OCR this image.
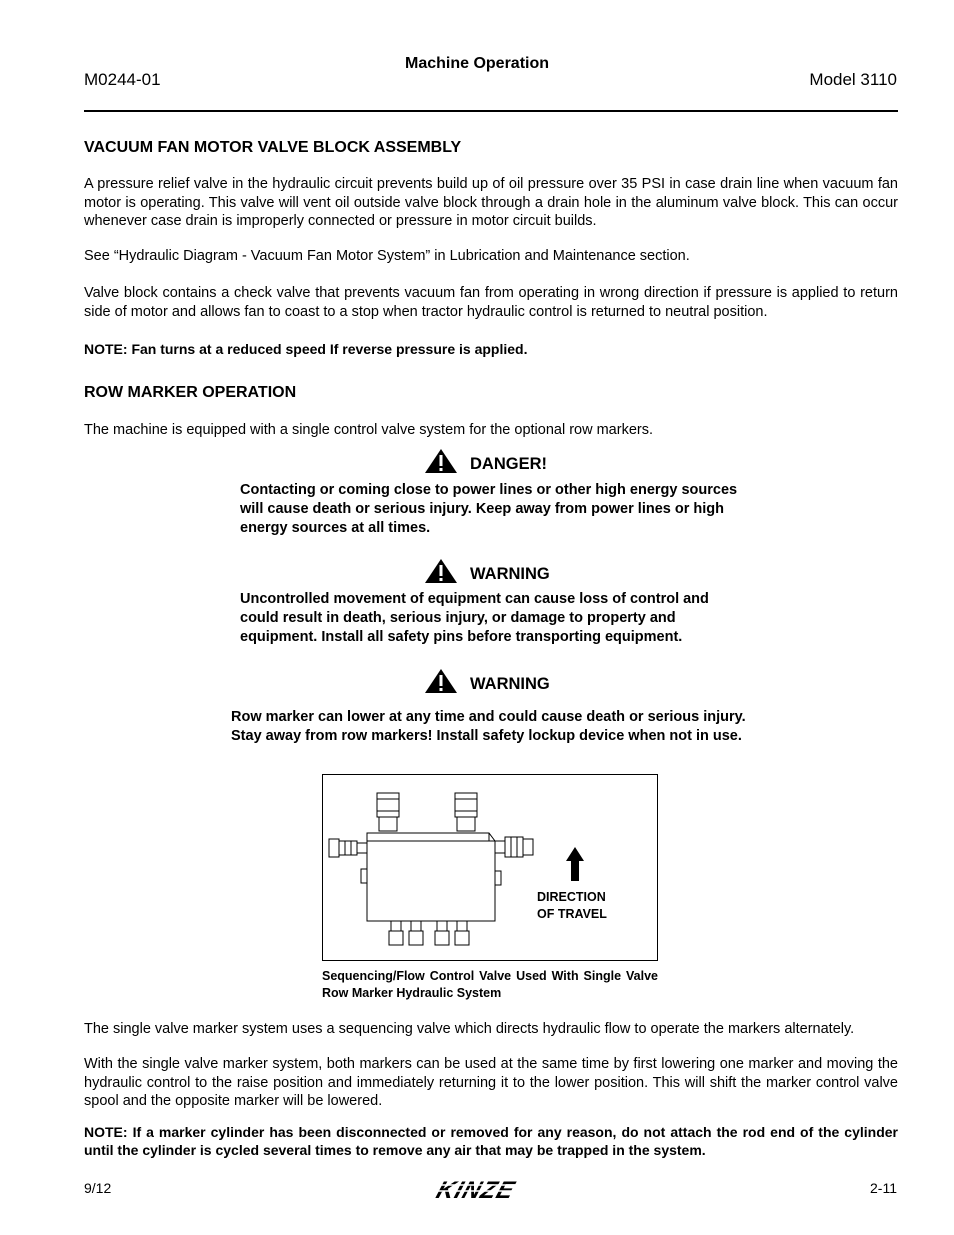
M0244-01
Machine Operation
Model 3110
VACUUM FAN MOTOR VALVE BLOCK ASSEMBLY
A pressure relief valve in the hydraulic circuit prevents build up of oil pressure over 35 PSI in case drain line when vacuum fan motor is operating. This valve will vent oil outside valve block through a drain hole in the aluminum valve block. This can occur whenever case drain is improperly connected or pressure in motor circuit builds.
See “Hydraulic Diagram - Vacuum Fan Motor System” in Lubrication and Maintenance section.
Valve block contains a check valve that prevents vacuum fan from operating in wrong direction if pressure is applied to return side of motor and allows fan to coast to a stop when tractor hydraulic control is returned to neutral position.
NOTE: Fan turns at a reduced speed If reverse pressure is applied.
ROW MARKER OPERATION
The machine is equipped with a single control valve system for the optional row markers.
DANGER!
Contacting or coming close to power lines or other high energy sources will cause death or serious injury. Keep away from power lines or high energy sources at all times.
WARNING
Uncontrolled movement of equipment can cause loss of control and could result in death, serious injury, or damage to property and equipment. Install all safety pins before transporting equipment.
WARNING
Row marker can lower at any time and could cause death or serious injury. Stay away from row markers! Install safety lockup device when not in use.
DIRECTION
OF TRAVEL
Sequencing/Flow Control Valve Used With Single Valve Row Marker Hydraulic System
The single valve marker system uses a sequencing valve which directs hydraulic flow to operate the markers alternately.
With the single valve marker system, both markers can be used at the same time by first lowering one marker and moving the hydraulic control to the raise position and immediately returning it to the lower position. This will shift the marker control valve spool and the opposite marker will be lowered.
NOTE: If a marker cylinder has been disconnected or removed for any reason, do not attach the rod end of the cylinder until the cylinder is cycled several times to remove any air that may be trapped in the system.
9/12	KINZE	2-11
